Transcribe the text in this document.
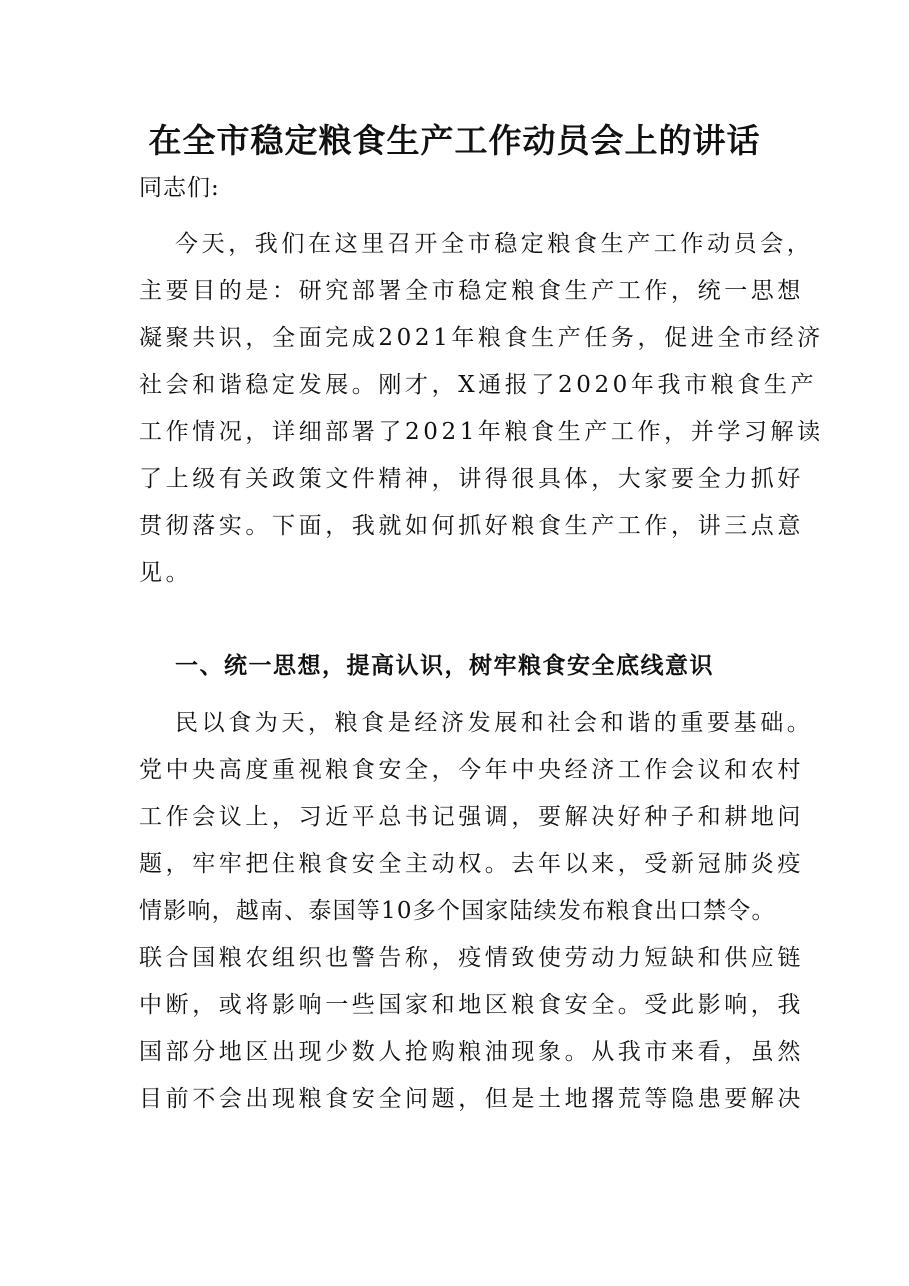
在全市稳定粮食生产工作动员会上的讲话
同志们:
今天，我们在这里召开全市稳定粮食生产工作动员会，
主要目的是：研究部署全市稳定粮食生产工作，统一思想
凝聚共识，全面完成2021年粮食生产任务，促进全市经济
社会和谐稳定发展。刚才，X通报了2020年我市粮食生产
工作情况，详细部署了2021年粮食生产工作，并学习解读
了上级有关政策文件精神，讲得很具体，大家要全力抓好
贯彻落实。下面，我就如何抓好粮食生产工作，讲三点意
见。
一、统一思想，提高认识，树牢粮食安全底线意识
民以食为天，粮食是经济发展和社会和谐的重要基础。
党中央高度重视粮食安全，今年中央经济工作会议和农村
工作会议上，习近平总书记强调，要解决好种子和耕地问
题，牢牢把住粮食安全主动权。去年以来，受新冠肺炎疫
情影响，越南、泰国等10多个国家陆续发布粮食出口禁令。
联合国粮农组织也警告称，疫情致使劳动力短缺和供应链
中断，或将影响一些国家和地区粮食安全。受此影响，我
国部分地区出现少数人抢购粮油现象。从我市来看，虽然
目前不会出现粮食安全问题，但是土地撂荒等隐患要解决
